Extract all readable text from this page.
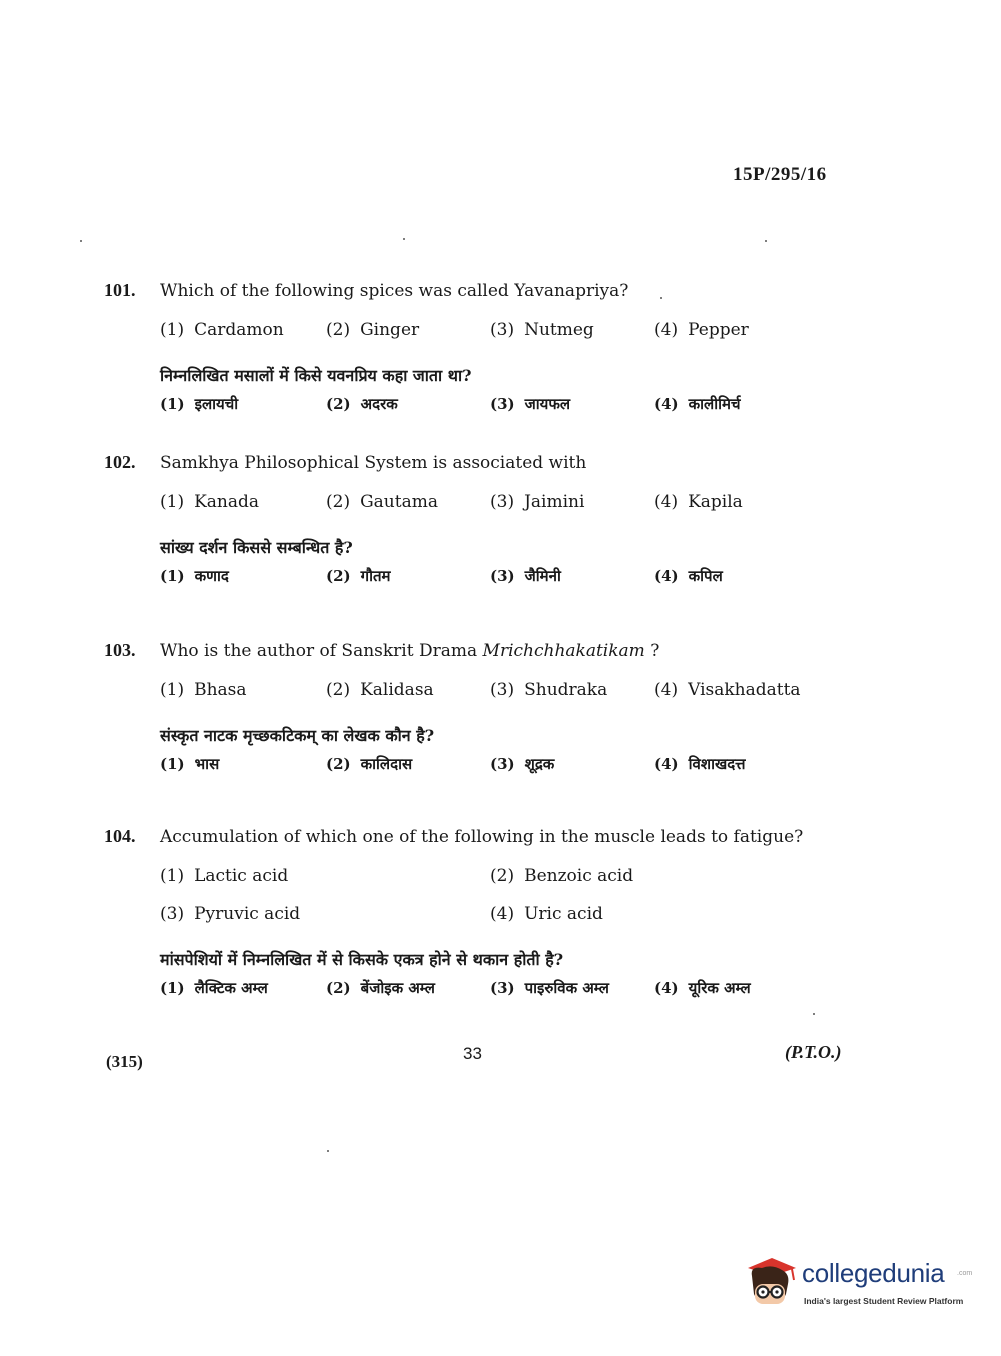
15P/295/16
101.	Which of the following spices was called Yavanapriya?
(1) Cardamon (2) Ginger	(3) Nutmeg	(4) Pepper
निम्नलिखित मसालों में किसे यवनप्रिय कहा जाता था?
(1) इलायची	(2) अदरक	(3) जायफल	(4) कालीमिर्च
102.	Samkhya Philosophical System is associated with
(1) Kanada	(2) Gautama	(3) Jaimini	(4) Kapila
सांख्य दर्शन किससे सम्बन्धित है?
(1) कणाद	(2) गौतम	(3) जैमिनी	(4) कपिल
103.	Who is the author of Sanskrit Drama Mrichchhakatikam ?
(1) Bhasa	(2) Kalidasa	(3) Shudraka	(4) Visakhadatta
संस्कृत नाटक मृच्छकटिकम् का लेखक कौन है?
(1) भास	(2) कालिदास	(3) शूद्रक	(4) विशाखदत्त
104.	Accumulation of which one of the following in the muscle leads to fatigue?
(1) Lactic acid	(2) Benzoic acid
(3) Pyruvic acid	(4) Uric acid
मांसपेशियों में निम्नलिखित में से किसके एकत्र होने से थकान होती है?
(1) लैक्टिक अम्ल	(2) बेंजोइक अम्ल	(3) पाइरुविक अम्ल	(4) यूरिक अम्ल
(315)	33	(P.T.O.)
collegedunia .com
India's largest Student Review Platform
